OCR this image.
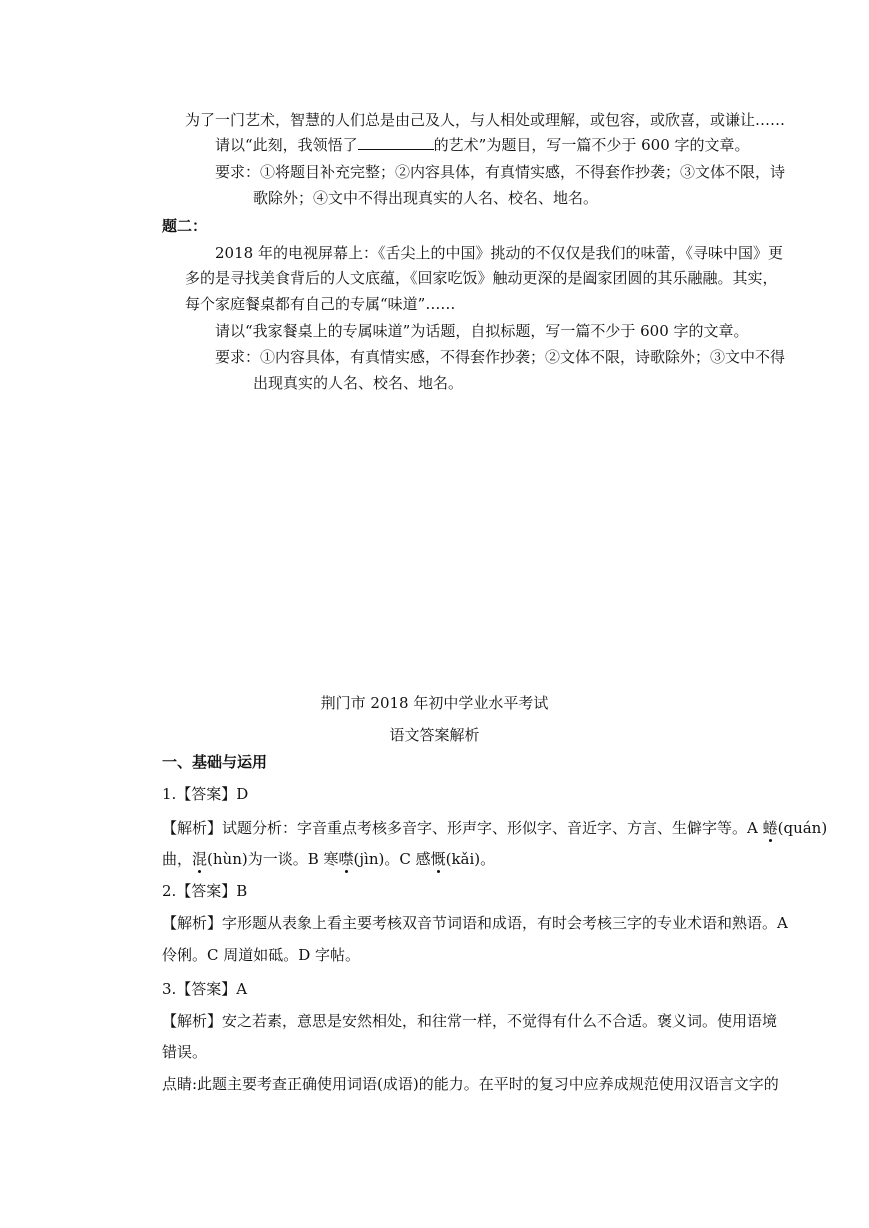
为了一门艺术，智慧的人们总是由己及人，与人相处或理解，或包容，或欣喜，或谦让……
请以“此刻，我领悟了	的艺术”为题目，写一篇不少于 600 字的文章。
要求：①将题目补充完整；②内容具体，有真情实感，不得套作抄袭；③文体不限，诗
歌除外；④文中不得出现真实的人名、校名、地名。
题二：
2018 年的电视屏幕上：《舌尖上的中国》挑动的不仅仅是我们的味蕾，《寻味中国》更
多的是寻找美食背后的人文底蕴，《回家吃饭》触动更深的是阖家团圆的其乐融融。其实，
每个家庭餐桌都有自己的专属“味道”……
请以“我家餐桌上的专属味道”为话题，自拟标题，写一篇不少于 600 字的文章。
要求：①内容具体，有真情实感，不得套作抄袭；②文体不限，诗歌除外；③文中不得
出现真实的人名、校名、地名。
荆门市 2018 年初中学业水平考试
语文答案解析
一、基础与运用
1.【答案】D
【解析】试题分析：字音重点考核多音字、形声字、形似字、音近字、方言、生僻字等。A 蜷(quán)
曲，混(hùn)为一谈。B 寒噤(jìn)。C 感慨(kǎi)。
2.【答案】B
【解析】字形题从表象上看主要考核双音节词语和成语，有时会考核三字的专业术语和熟语。A
伶俐。C 周道如砥。D 字帖。
3.【答案】A
【解析】安之若素，意思是安然相处，和往常一样，不觉得有什么不合适。褒义词。使用语境
错误。
点睛:此题主要考查正确使用词语(成语)的能力。在平时的复习中应养成规范使用汉语言文字的
